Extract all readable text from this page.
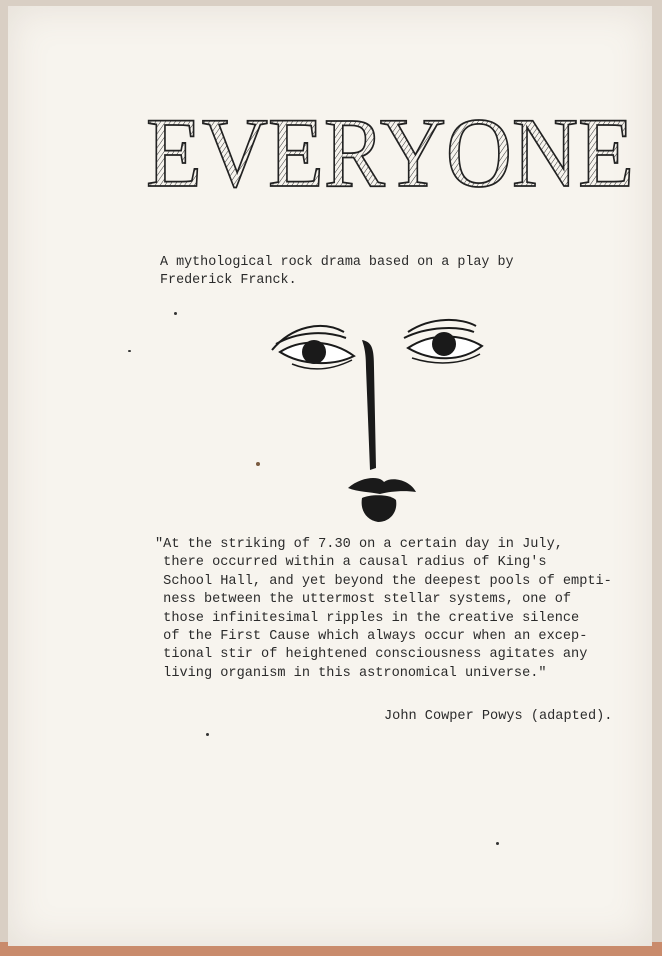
EVERYONE
A mythological rock drama based on a play by
Frederick Franck.
"At the striking of 7.30 on a certain day in July,
there occurred within a causal radius of King's
School Hall, and yet beyond the deepest pools of empti-
ness between the uttermost stellar systems, one of
those infinitesimal ripples in the creative silence
of the First Cause which always occur when an excep-
tional stir of heightened consciousness agitates any
living organism in this astronomical universe."
John Cowper Powys (adapted).
